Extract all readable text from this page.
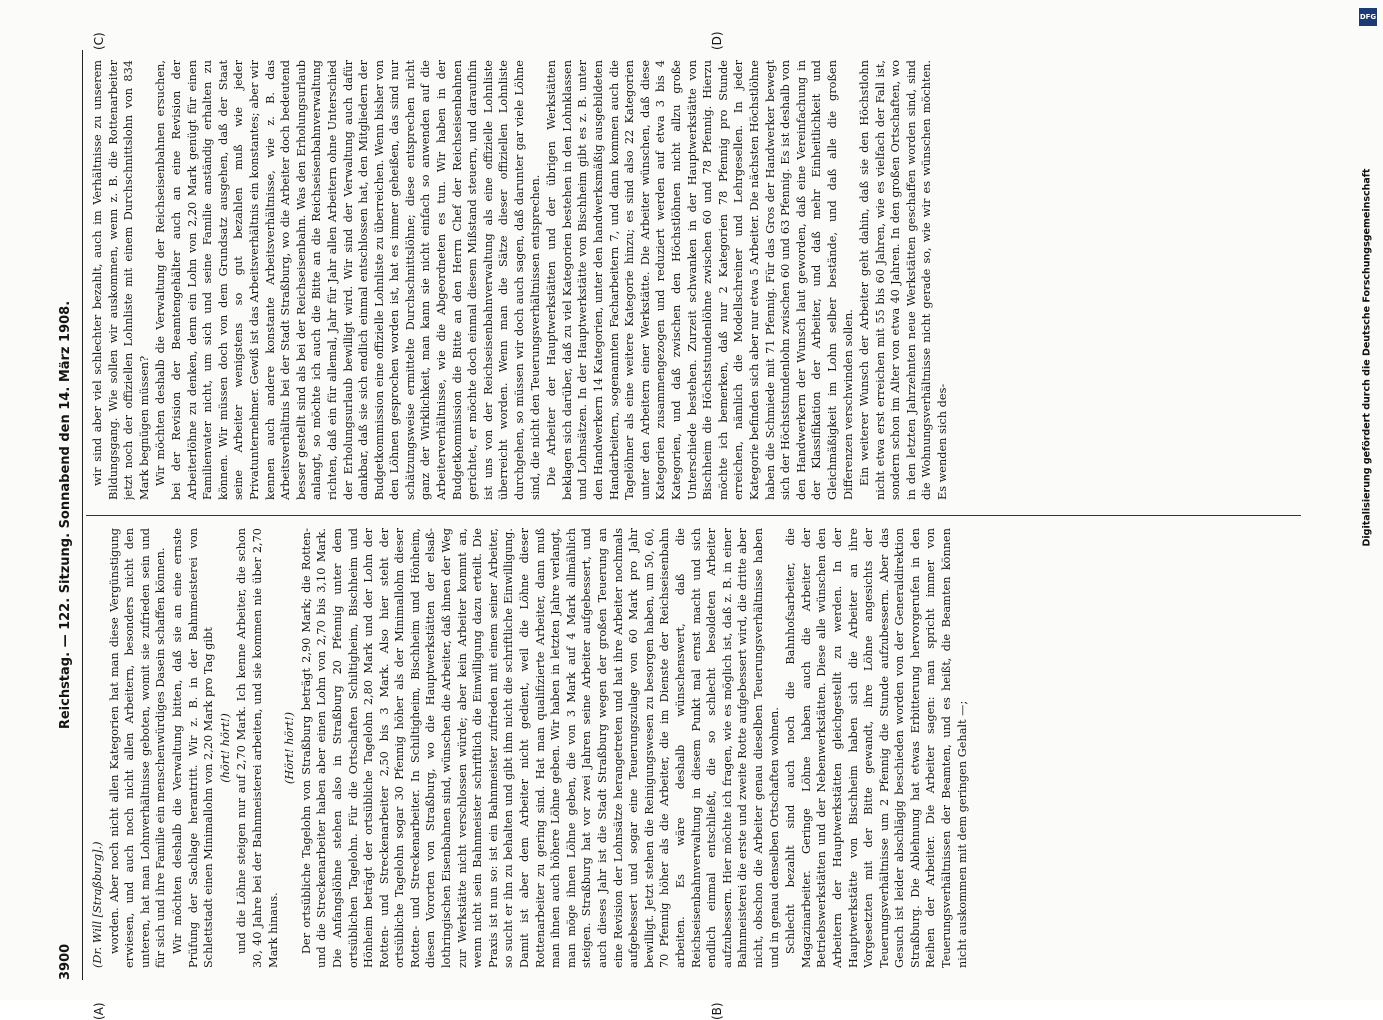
3900
Reichstag. — 122. Sitzung. Sonnabend den 14. März 1908.
(A)	(B)
(C)	(D)

(Dr. Will [Straßburg].) worden. Aber noch nicht allen Kategorien hat man diese Vergünstigung erwiesen, und auch noch nicht allen Arbeitern, besonders nicht den unteren, hat man Lohnverhältnisse geboten, womit sie zufrieden sein und für sich und ihre Familie ein menschenwürdiges Dasein schaffen können. Wir möchten deshalb die Verwaltung bitten, daß sie an eine ernste Prüfung der Sachlage herantritt. Wir z. B. in der Bahnmeisterei von Schlettstadt einen Minimallohn von 2,20 Mark pro Tag gibt (hört! hört!) und die Löhne steigen nur auf 2,70 Mark. Ich kenne Arbeiter, die schon 30, 40 Jahre bei der Bahnmeisterei arbeiten, und sie kommen nie über 2,70 Mark hinaus.

(Hört! hört!) Der ortsübliche Tagelohn von Straßburg beträgt 2,90 Mark; die Rotten- und die Streckenarbeiter haben aber einen Lohn von 2,70 bis 3,10 Mark. Die Anfangslöhne stehen also in Straßburg 20 Pfennig unter dem ortsüblichen Tagelohn. Für die Ortschaften Schiltigheim, Bischheim und Hönheim beträgt der ortsübliche Tagelohn 2,80 Mark und der Lohn der Rotten- und Streckenarbeiter 2,50 bis 3 Mark. Also hier steht der ortsübliche Tagelohn sogar 30 Pfennig höher als der Minimallohn dieser Rotten- und Streckenarbeiter. In Schiltigheim, Bischheim und Hönheim, diesen Vororten von Straßburg, wo die Hauptwerkstätten der elsaß-lothringischen Eisenbahnen sind, wünschen die Arbeiter, daß ihnen der Weg zur Werkstätte nicht verschlossen würde; aber kein Arbeiter kommt an, wenn nicht sein Bahnmeister schriftlich die Einwilligung dazu erteilt. Die Praxis ist nun so: ist ein Bahnmeister zufrieden mit einem seiner Arbeiter, so sucht er ihn zu behalten und gibt ihm nicht die schriftliche Einwilligung. Damit ist aber dem Arbeiter nicht gedient, weil die Löhne dieser Rottenarbeiter zu gering sind. Hat man qualifizierte Arbeiter, dann muß man ihnen auch höhere Löhne geben. Wir haben in letzten Jahre verlangt, man möge ihnen Löhne geben, die von 3 Mark auf 4 Mark allmählich steigen. Straßburg hat vor zwei Jahren seine Arbeiter aufgebessert, und auch dieses Jahr ist die Stadt Straßburg wegen der großen Teuerung an eine Revision der Lohnsätze herangetreten und hat ihre Arbeiter nochmals aufgebessert und sogar eine Teuerungszulage von 60 Mark pro Jahr bewilligt. Jetzt stehen die Reinigungswesen zu besorgen haben, um 50, 60, 70 Pfennig höher als die Arbeiter, die im Dienste der Reichseisenbahn arbeiten. Es wäre deshalb wünschenswert, daß die Reichseisenbahnverwaltung in diesem Punkt mal ernst macht und sich endlich einmal entschließt, die so schlecht besoldeten Arbeiter aufzubessern. Hier möchte ich fragen, wie es möglich ist, daß z. B. in einer Bahnmeisterei die erste und zweite Rotte aufgebessert wird, die dritte aber nicht, obschon die Arbeiter genau dieselben Teuerungsverhältnisse haben und in genau denselben Ortschaften wohnen. Schlecht bezahlt sind auch noch die Bahnhofsarbeiter, die Magazinarbeiter. Geringe Löhne haben auch die Arbeiter der Betriebswerkstätten und der Nebenwerkstätten. Diese alle wünschen den Arbeitern der Hauptwerkstätten gleichgestellt zu werden. In der Hauptwerkstätte von Bischheim haben sich die Arbeiter an ihre Vorgesetzten mit der Bitte gewandt, ihre Löhne angesichts der Teuerungsverhältnisse um 2 Pfennig die Stunde aufzubessern. Aber das Gesuch ist leider abschlägig beschieden worden von der Generaldirektion Straßburg. Die Ablehnung hat etwas Erbitterung hervorgerufen in den Reihen der Arbeiter. Die Arbeiter sagen: man spricht immer von Teuerungsverhältnissen der Beamten, und es heißt, die Beamten können nicht auskommen mit dem geringen Gehalt —;

wir sind aber viel schlechter bezahlt, auch im Verhältnisse zu unserem Bildungsgang. Wie sollen wir auskommen, wenn z. B. die Rottenarbeiter jetzt noch der offiziellen Lohnliste mit einem Durchschnittslohn von 834 Mark begnügen müssen? Wir möchten deshalb die Verwaltung der Reichseisenbahnen ersuchen, bei der Revision der Beamtengehälter auch an eine Revision der Arbeiterlöhne zu denken, denn ein Lohn von 2,20 Mark genügt für einen Familienvater nicht, um sich und seine Familie anständig erhalten zu können. Wir müssen doch von dem Grundsatz ausgehen, daß der Staat seine Arbeiter wenigstens so gut bezahlen muß wie jeder Privatunternehmer. Gewiß ist das Arbeitsverhältnis ein konstantes; aber wir kennen auch andere konstante Arbeitsverhältnisse, wie z. B. das Arbeitsverhältnis bei der Stadt Straßburg, wo die Arbeiter doch bedeutend besser gestellt sind als bei der Reichseisenbahn. Was den Erholungsurlaub anlangt, so möchte ich auch die Bitte an die Reichseisenbahnverwaltung richten, daß ein für allemal, Jahr für Jahr allen Arbeitern ohne Unterschied der Erholungsurlaub bewilligt wird. Wir sind der Verwaltung auch dafür dankbar, daß sie sich endlich einmal entschlossen hat, den Mitgliedern der Budgetkommission eine offizielle Lohnliste zu überreichen. Wenn bisher von den Löhnen gesprochen worden ist, hat es immer geheißen, das sind nur schätzungsweise ermittelte Durchschnittslöhne; diese entsprechen nicht ganz der Wirklichkeit, man kann sie nicht einfach so anwenden auf die Arbeiterverhältnisse, wie die Abgeordneten es tun. Wir haben in der Budgetkommission die Bitte an den Herrn Chef der Reichseisenbahnen gerichtet, er möchte doch einmal diesem Mißstand steuern, und daraufhin ist uns von der Reichseisenbahnverwaltung als eine offizielle Lohnliste überreicht worden. Wenn man die Sätze dieser offiziellen Lohnliste durchgehen, so müssen wir doch auch sagen, daß darunter gar viele Löhne sind, die nicht den Teuerungsverhältnissen entsprechen. Die Arbeiter der Hauptwerkstätten und der übrigen Werkstätten beklagen sich darüber, daß zu viel Kategorien bestehen in den Lohnklassen und Lohnsätzen. In der Hauptwerkstätte von Bischheim gibt es z. B. unter den Handwerkern 14 Kategorien, unter den handwerksmäßig ausgebildeten Handarbeitern, sogenannten Facharbeitern 7, und dann kommen auch die Tagelöhner als eine weitere Kategorie hinzu; es sind also 22 Kategorien unter den Arbeitern einer Werkstätte. Die Arbeiter wünschen, daß diese Kategorien zusammengezogen und reduziert werden auf etwa 3 bis 4 Kategorien, und daß zwischen den Höchstlöhnen nicht allzu große Unterschiede bestehen. Zurzeit schwanken in der Hauptwerkstätte von Bischheim die Höchststundenlöhne zwischen 60 und 78 Pfennig. Hierzu möchte ich bemerken, daß nur 2 Kategorien 78 Pfennig pro Stunde erreichen, nämlich die Modellschreiner und Lehrgesellen. In jeder Kategorie befinden sich aber nur etwa 5 Arbeiter. Die nächsten Höchstlöhne haben die Schmiede mit 71 Pfennig. Für das Gros der Handwerker bewegt sich der Höchststundenlohn zwischen 60 und 63 Pfennig. Es ist deshalb von den Handwerkern der Wunsch laut geworden, daß eine Vereinfachung in der Klassifikation der Arbeiter, und daß mehr Einheitlichkeit und Gleichmäßigkeit im Lohn selber bestände, und daß alle die großen Differenzen verschwinden sollen. Ein weiterer Wunsch der Arbeiter geht dahin, daß sie den Höchstlohn nicht etwa erst erreichen mit 55 bis 60 Jahren, wie es vielfach der Fall ist, sondern schon im Alter von etwa 40 Jahren. In den großen Ortschaften, wo in den letzten Jahrzehnten neue Werkstätten geschaffen worden sind, sind die Wohnungsverhältnisse nicht gerade so, wie wir es wünschen möchten. Es wenden sich des-

DFG
Digitalisierung gefördert durch die Deutsche Forschungsgemeinschaft
